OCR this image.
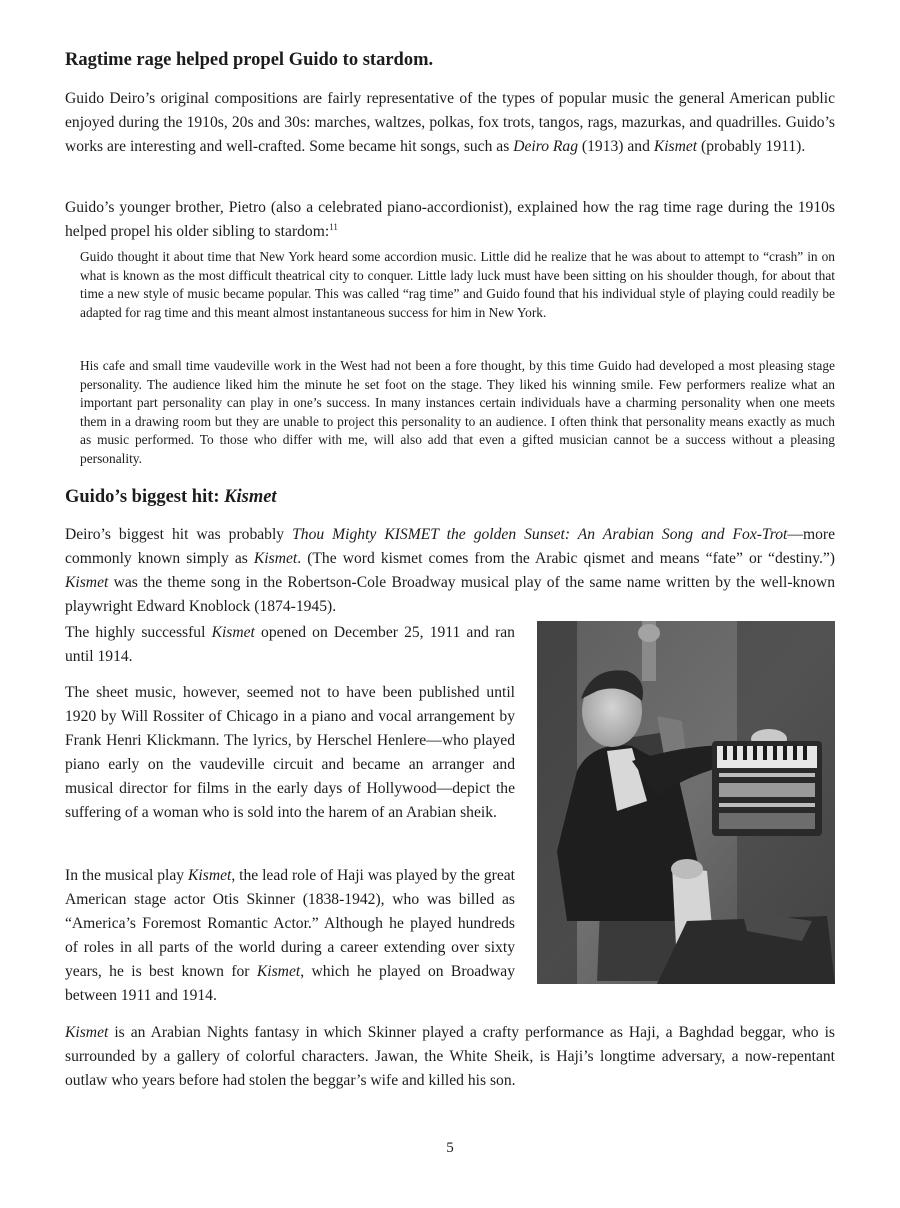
Ragtime rage helped propel Guido to stardom.

Guido Deiro’s original compositions are fairly representative of the types of popular music the general American public enjoyed during the 1910s, 20s and 30s: marches, waltzes, polkas, fox trots, tangos, rags, mazurkas, and quadrilles. Guido’s works are interesting and well-crafted. Some became hit songs, such as Deiro Rag (1913) and Kismet (probably 1911).

Guido’s younger brother, Pietro (also a celebrated piano-accordionist), explained how the rag time rage during the 1910s helped propel his older sibling to stardom:$^{11}$

Guido thought it about time that New York heard some accordion music. Little did he realize that he was about to attempt to “crash” in on what is known as the most difficult theatrical city to conquer. Little lady luck must have been sitting on his shoulder though, for about that time a new style of music became popular. This was called “rag time” and Guido found that his individual style of playing could readily be adapted for rag time and this meant almost instantaneous success for him in New York.

His cafe and small time vaudeville work in the West had not been a fore thought, by this time Guido had developed a most pleasing stage personality. The audience liked him the minute he set foot on the stage. They liked his winning smile. Few performers realize what an important part personality can play in one’s success. In many instances certain individuals have a charming personality when one meets them in a drawing room but they are unable to project this personality to an audience. I often think that personality means exactly as much as music performed. To those who differ with me, will also add that even a gifted musician cannot be a success without a pleasing personality.

Guido’s biggest hit: Kismet

Deiro’s biggest hit was probably Thou Mighty KISMET the golden Sunset: An Arabian Song and Fox-Trot—more commonly known simply as Kismet. (The word kismet comes from the Arabic qismet and means “fate” or “destiny.”) Kismet was the theme song in the Robertson-Cole Broadway musical play of the same name written by the well-known playwright Edward Knoblock (1874-1945).

The highly successful Kismet opened on December 25, 1911 and ran until 1914.

The sheet music, however, seemed not to have been published until 1920 by Will Rossiter of Chicago in a piano and vocal arrangement by Frank Henri Klickmann. The lyrics, by Herschel Henlere—who played piano early on the vaudeville circuit and became an arranger and musical director for films in the early days of Hollywood—depict the suffering of a woman who is sold into the harem of an Arabian sheik.

In the musical play Kismet, the lead role of Haji was played by the great American stage actor Otis Skinner (1838-1942), who was billed as “America’s Foremost Romantic Actor.” Although he played hundreds of roles in all parts of the world during a career extending over sixty years, he is best known for Kismet, which he played on Broadway between 1911 and 1914.

Kismet is an Arabian Nights fantasy in which Skinner played a crafty performance as Haji, a Baghdad beggar, who is surrounded by a gallery of colorful characters. Jawan, the White Sheik, is Haji’s longtime adversary, a now-repentant outlaw who years before had stolen the beggar’s wife and killed his son.

5
